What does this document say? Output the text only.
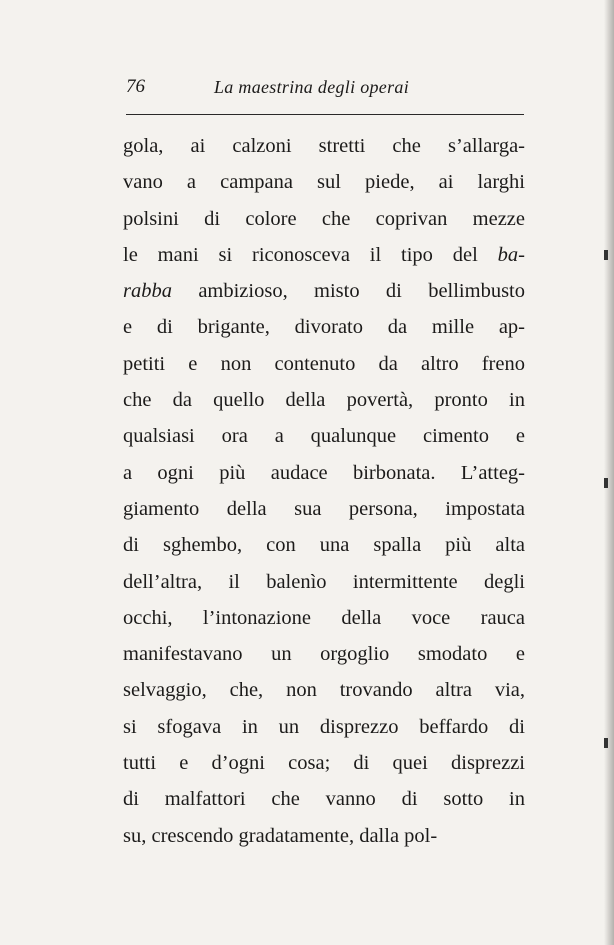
76	La maestrina degli operai
gola, ai calzoni stretti che s’allarga-
vano a campana sul piede, ai larghi
polsini di colore che coprivan mezze
le mani si riconosceva il tipo del ba-
rabba ambizioso, misto di bellimbusto
e di brigante, divorato da mille ap-
petiti e non contenuto da altro freno
che da quello della povertà, pronto in
qualsiasi ora a qualunque cimento e
a ogni più audace birbonata. L’atteg-
giamento della sua persona, impostata
di sghembo, con una spalla più alta
dell’altra, il balenìo intermittente degli
occhi, l’intonazione della voce rauca
manifestavano un orgoglio smodato e
selvaggio, che, non trovando altra via,
si sfogava in un disprezzo beffardo di
tutti e d’ogni cosa; di quei disprezzi
di malfattori che vanno di sotto in
su, crescendo gradatamente, dalla pol-
